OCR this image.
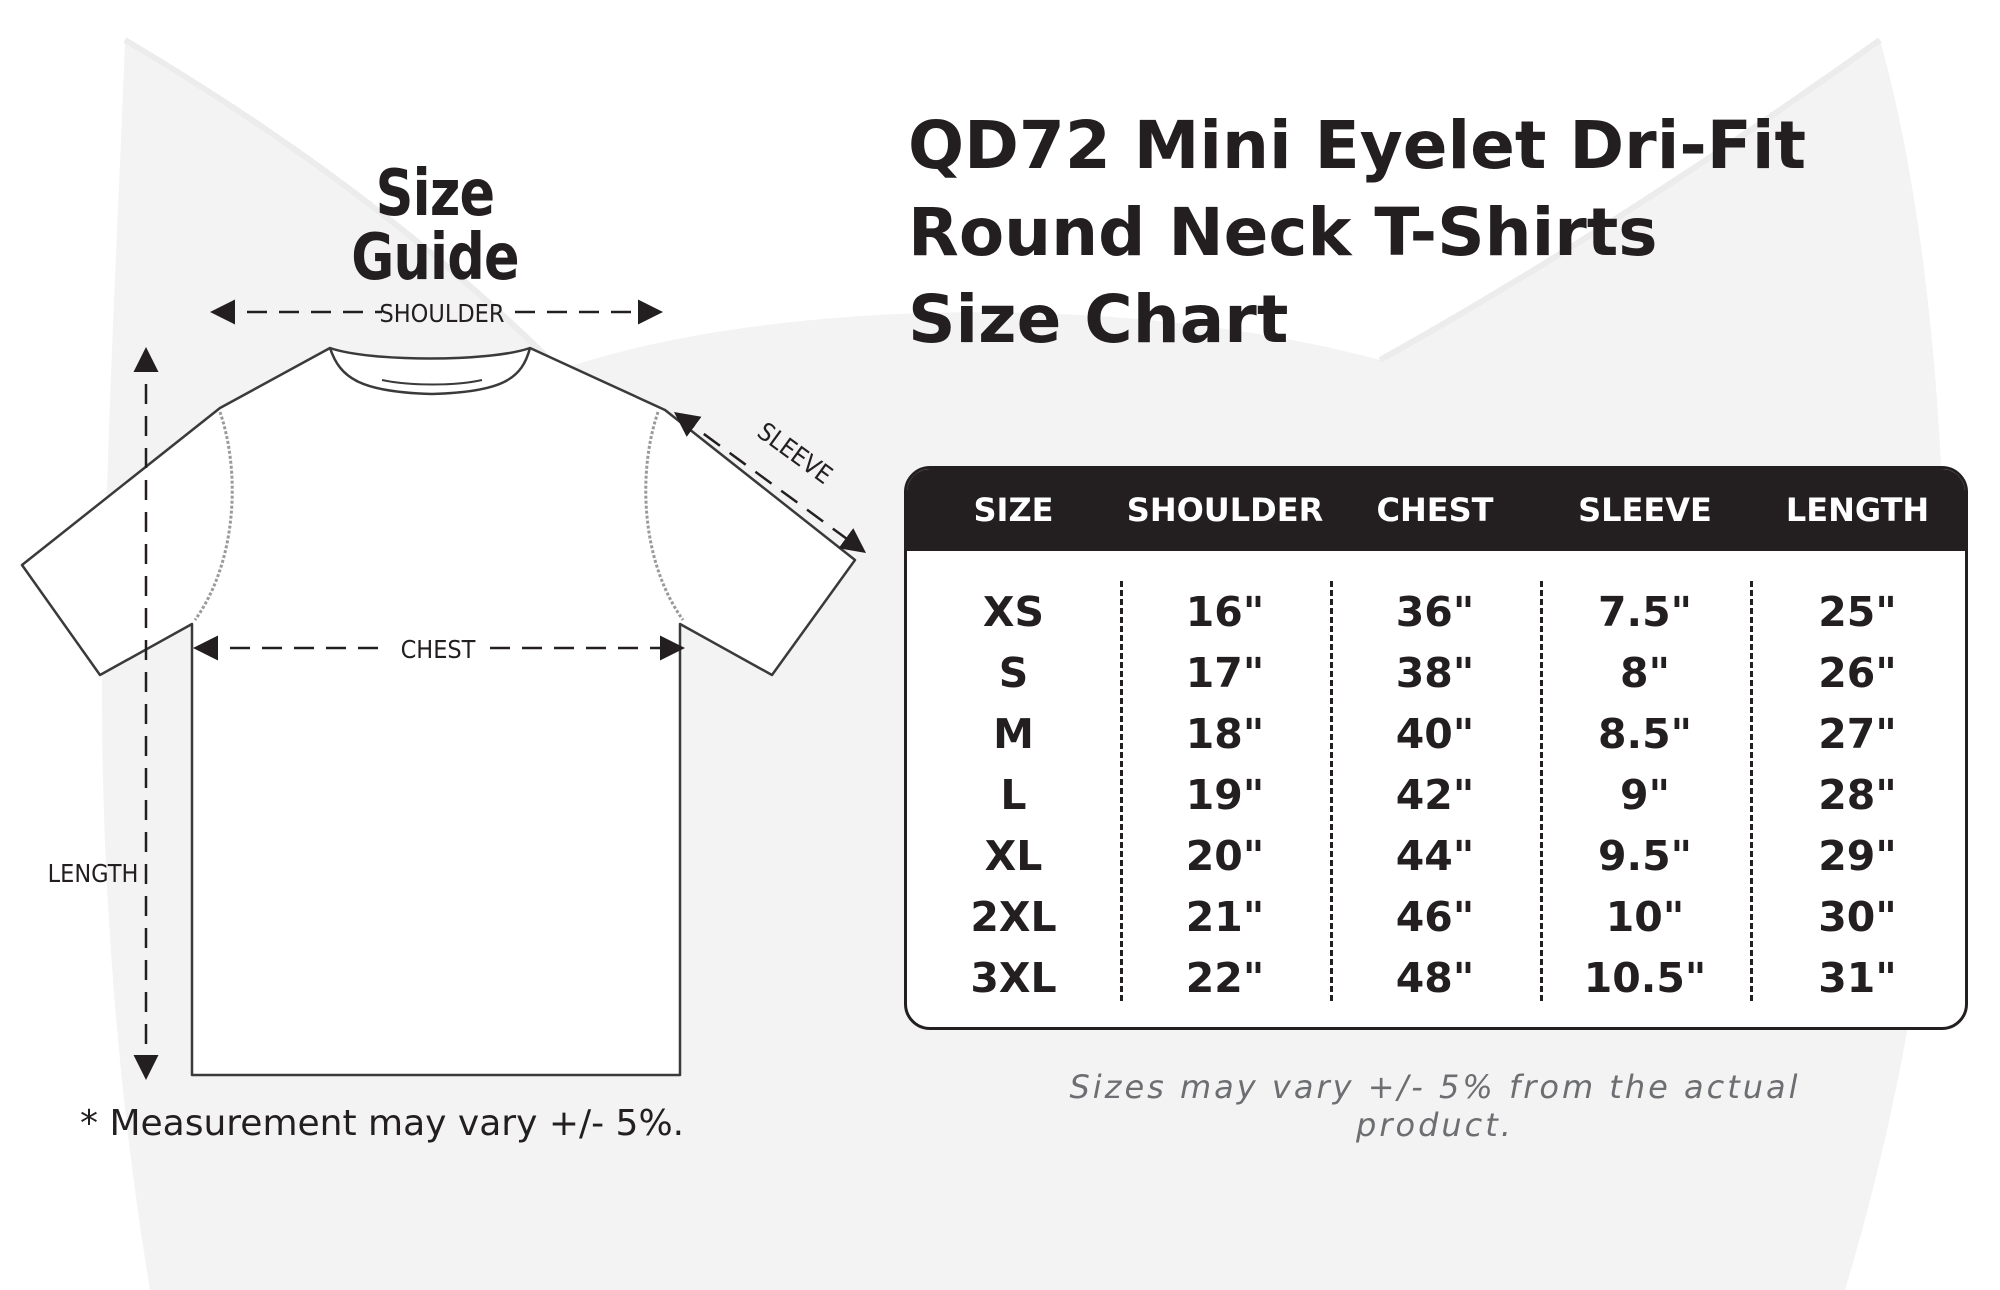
Size Guide
SHOULDER
SLEEVE
CHEST
LENGTH
* Measurement may vary +/- 5%.
QD72 Mini Eyelet Dri-Fit
Round Neck T-Shirts
Size Chart
SIZE	SHOULDER	CHEST	SLEEVE	LENGTH
XS	16"	36"	7.5"	25"
S	17"	38"	8"	26"
M	18"	40"	8.5"	27"
L	19"	42"	9"	28"
XL	20"	44"	9.5"	29"
2XL	21"	46"	10"	30"
3XL	22"	48"	10.5"	31"
Sizes may vary +/- 5% from the actual product.
